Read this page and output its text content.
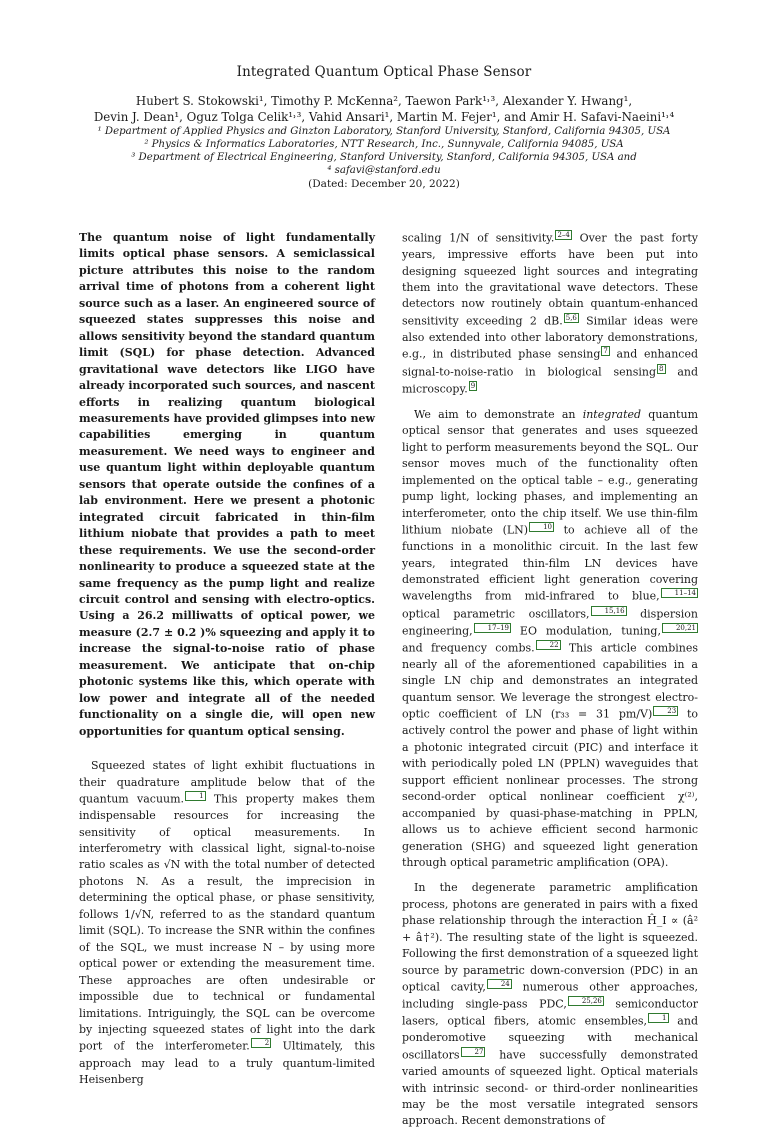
Integrated Quantum Optical Phase Sensor
Hubert S. Stokowski¹, Timothy P. McKenna², Taewon Park¹˒³, Alexander Y. Hwang¹,
Devin J. Dean¹, Oguz Tolga Celik¹˒³, Vahid Ansari¹, Martin M. Fejer¹, and Amir H. Safavi-Naeini¹˒⁴
¹ Department of Applied Physics and Ginzton Laboratory, Stanford University, Stanford, California 94305, USA
² Physics & Informatics Laboratories, NTT Research, Inc., Sunnyvale, California 94085, USA
³ Department of Electrical Engineering, Stanford University, Stanford, California 94305, USA and
⁴ safavi@stanford.edu
(Dated: December 20, 2022)
The quantum noise of light fundamentally limits optical phase sensors. A semiclassical picture attributes this noise to the random arrival time of photons from a coherent light source such as a laser. An engineered source of squeezed states suppresses this noise and allows sensitivity beyond the standard quantum limit (SQL) for phase detection. Advanced gravitational wave detectors like LIGO have already incorporated such sources, and nascent efforts in realizing quantum biological measurements have provided glimpses into new capabilities emerging in quantum measurement. We need ways to engineer and use quantum light within deployable quantum sensors that operate outside the confines of a lab environment. Here we present a photonic integrated circuit fabricated in thin-film lithium niobate that provides a path to meet these requirements. We use the second-order nonlinearity to produce a squeezed state at the same frequency as the pump light and realize circuit control and sensing with electro-optics. Using a 26.2 milliwatts of optical power, we measure (2.7 ± 0.2 )% squeezing and apply it to increase the signal-to-noise ratio of phase measurement. We anticipate that on-chip photonic systems like this, which operate with low power and integrate all of the needed functionality on a single die, will open new opportunities for quantum optical sensing.

Squeezed states of light exhibit fluctuations in their quadrature amplitude below that of the quantum vacuum. 1 This property makes them indispensable resources for increasing the sensitivity of optical measurements. In interferometry with classical light, signal-to-noise ratio scales as √N with the total number of detected photons N. As a result, the imprecision in determining the optical phase, or phase sensitivity, follows 1/√N, referred to as the standard quantum limit (SQL). To increase the SNR within the confines of the SQL, we must increase N – by using more optical power or extending the measurement time. These approaches are often undesirable or impossible due to technical or fundamental limitations. Intriguingly, the SQL can be overcome by injecting squeezed states of light into the dark port of the interferometer. 2 Ultimately, this approach may lead to a truly quantum-limited Heisenberg

scaling 1/N of sensitivity. 2–4 Over the past forty years, impressive efforts have been put into designing squeezed light sources and integrating them into the gravitational wave detectors. These detectors now routinely obtain quantum-enhanced sensitivity exceeding 2 dB. 5,6 Similar ideas were also extended into other laboratory demonstrations, e.g., in distributed phase sensing 7 and enhanced signal-to-noise-ratio in biological sensing 8 and microscopy. 9

We aim to demonstrate an integrated quantum optical sensor that generates and uses squeezed light to perform measurements beyond the SQL. Our sensor moves much of the functionality often implemented on the optical table – e.g., generating pump light, locking phases, and implementing an interferometer, onto the chip itself. We use thin-film lithium niobate (LN) 10 to achieve all of the functions in a monolithic circuit. In the last few years, integrated thin-film LN devices have demonstrated efficient light generation covering wavelengths from mid-infrared to blue, 11–14 optical parametric oscillators, 15,16 dispersion engineering, 17–19 EO modulation, tuning, 20,21 and frequency combs. 22 This article combines nearly all of the aforementioned capabilities in a single LN chip and demonstrates an integrated quantum sensor. We leverage the strongest electro-optic coefficient of LN (r₃₃ = 31 pm/V) 23 to actively control the power and phase of light within a photonic integrated circuit (PIC) and interface it with periodically poled LN (PPLN) waveguides that support efficient nonlinear processes. The strong second-order optical nonlinear coefficient χ⁽²⁾, accompanied by quasi-phase-matching in PPLN, allows us to achieve efficient second harmonic generation (SHG) and squeezed light generation through optical parametric amplification (OPA).

In the degenerate parametric amplification process, photons are generated in pairs with a fixed phase relationship through the interaction Ĥ_I ∝ (â² + â†²). The resulting state of the light is squeezed. Following the first demonstration of a squeezed light source by parametric down-conversion (PDC) in an optical cavity, 24 numerous other approaches, including single-pass PDC, 25,26 semiconductor lasers, optical fibers, atomic ensembles, 1 and ponderomotive squeezing with mechanical oscillators 27 have successfully demonstrated varied amounts of squeezed light. Optical materials with intrinsic second- or third-order nonlinearities may be the most versatile integrated sensors approach. Recent demonstrations of
